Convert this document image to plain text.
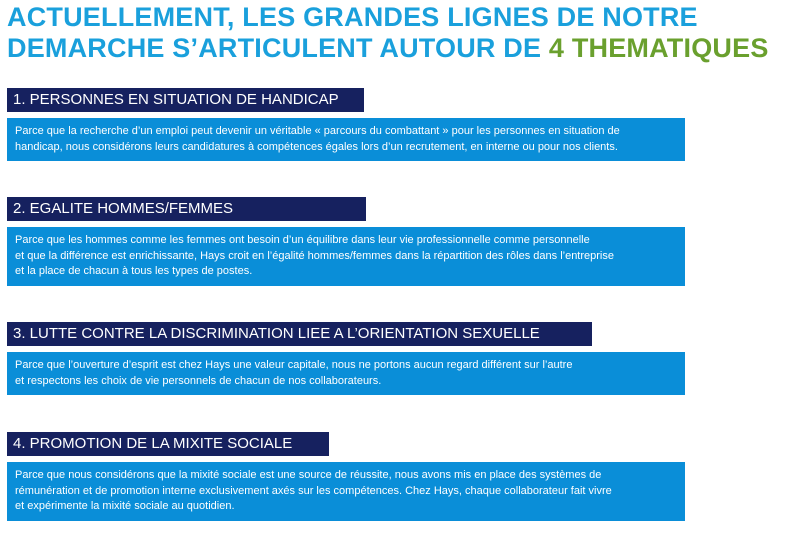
ACTUELLEMENT, LES GRANDES LIGNES DE NOTRE
DEMARCHE S’ARTICULENT AUTOUR DE 4 THEMATIQUES
1. PERSONNES EN SITUATION DE HANDICAP
Parce que la recherche d’un emploi peut devenir un véritable « parcours du combattant » pour les personnes en situation de
handicap, nous considérons leurs candidatures à compétences égales lors d’un recrutement, en interne ou pour nos clients.
2. EGALITE HOMMES/FEMMES
Parce que les hommes comme les femmes ont besoin d’un équilibre dans leur vie professionnelle comme personnelle
et que la différence est enrichissante, Hays croit en l’égalité hommes/femmes dans la répartition des rôles dans l’entreprise
et la place de chacun à tous les types de postes.
3. LUTTE CONTRE LA DISCRIMINATION LIEE A L’ORIENTATION SEXUELLE
Parce que l’ouverture d’esprit est chez Hays une valeur capitale, nous ne portons aucun regard différent sur l’autre
et respectons les choix de vie personnels de chacun de nos collaborateurs.
4. PROMOTION DE LA MIXITE SOCIALE
Parce que nous considérons que la mixité sociale est une source de réussite, nous avons mis en place des systèmes de
rémunération et de promotion interne exclusivement axés sur les compétences. Chez Hays, chaque collaborateur fait vivre
et expérimente la mixité sociale au quotidien.
